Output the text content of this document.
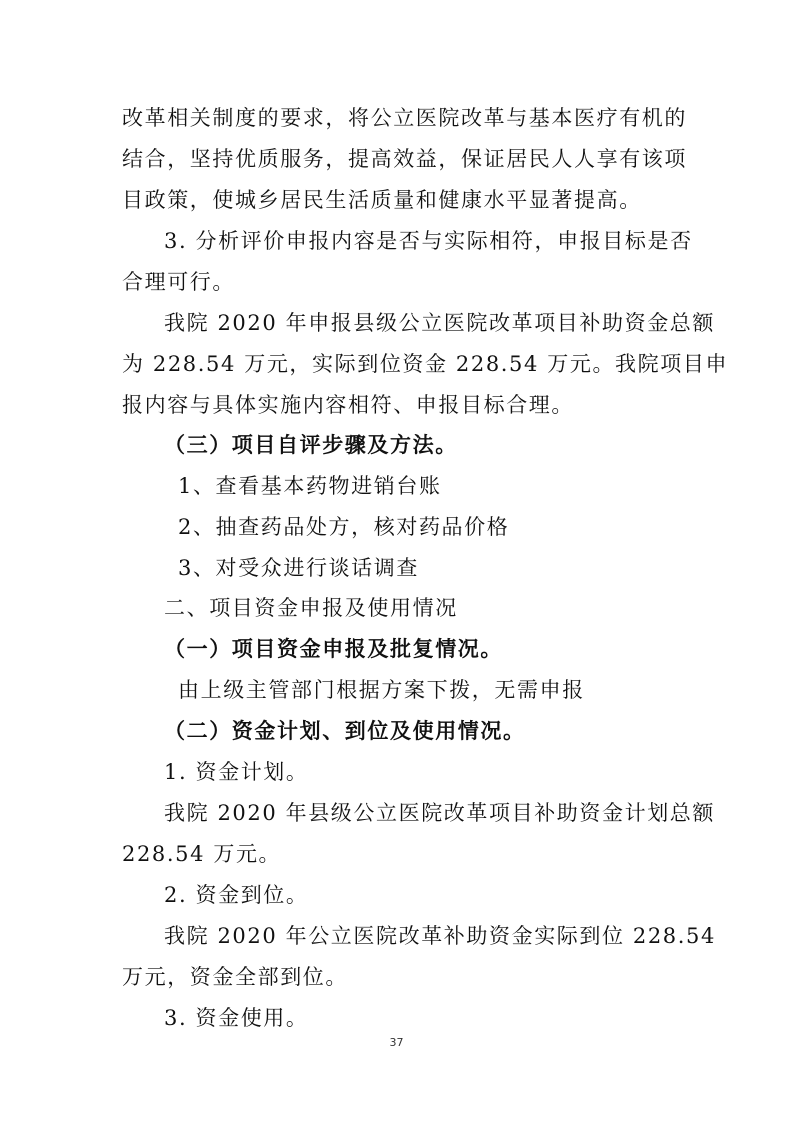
改革相关制度的要求，将公立医院改革与基本医疗有机的
结合，坚持优质服务，提高效益，保证居民人人享有该项
目政策，使城乡居民生活质量和健康水平显著提高。
3. 分析评价申报内容是否与实际相符，申报目标是否
合理可行。
我院 2020 年申报县级公立医院改革项目补助资金总额
为 228.54 万元，实际到位资金 228.54 万元。我院项目申
报内容与具体实施内容相符、申报目标合理。
（三）项目自评步骤及方法。
1、查看基本药物进销台账
2、抽查药品处方，核对药品价格
3、对受众进行谈话调查
二、项目资金申报及使用情况
（一）项目资金申报及批复情况。
由上级主管部门根据方案下拨，无需申报
（二）资金计划、到位及使用情况。
1. 资金计划。
我院 2020 年县级公立医院改革项目补助资金计划总额
228.54 万元。
2. 资金到位。
我院 2020 年公立医院改革补助资金实际到位 228.54
万元，资金全部到位。
3. 资金使用。
37
